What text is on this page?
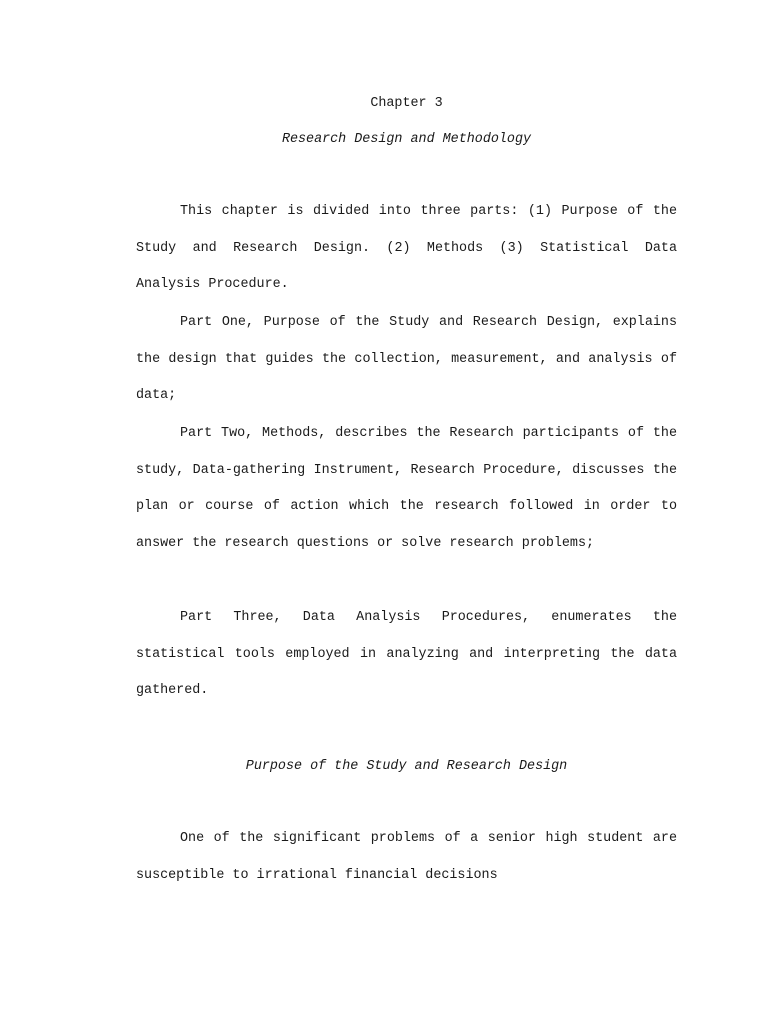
Chapter 3
Research Design and Methodology

This chapter is divided into three parts: (1) Purpose of the Study and Research Design. (2) Methods (3) Statistical Data Analysis Procedure.

Part One, Purpose of the Study and Research Design, explains the design that guides the collection, measurement, and analysis of data;

Part Two, Methods, describes the Research participants of the study, Data-gathering Instrument, Research Procedure, discusses the plan or course of action which the research followed in order to answer the research questions or solve research problems;

Part Three, Data Analysis Procedures, enumerates the statistical tools employed in analyzing and interpreting the data gathered.

Purpose of the Study and Research Design

One of the significant problems of a senior high student are susceptible to irrational financial decisions
